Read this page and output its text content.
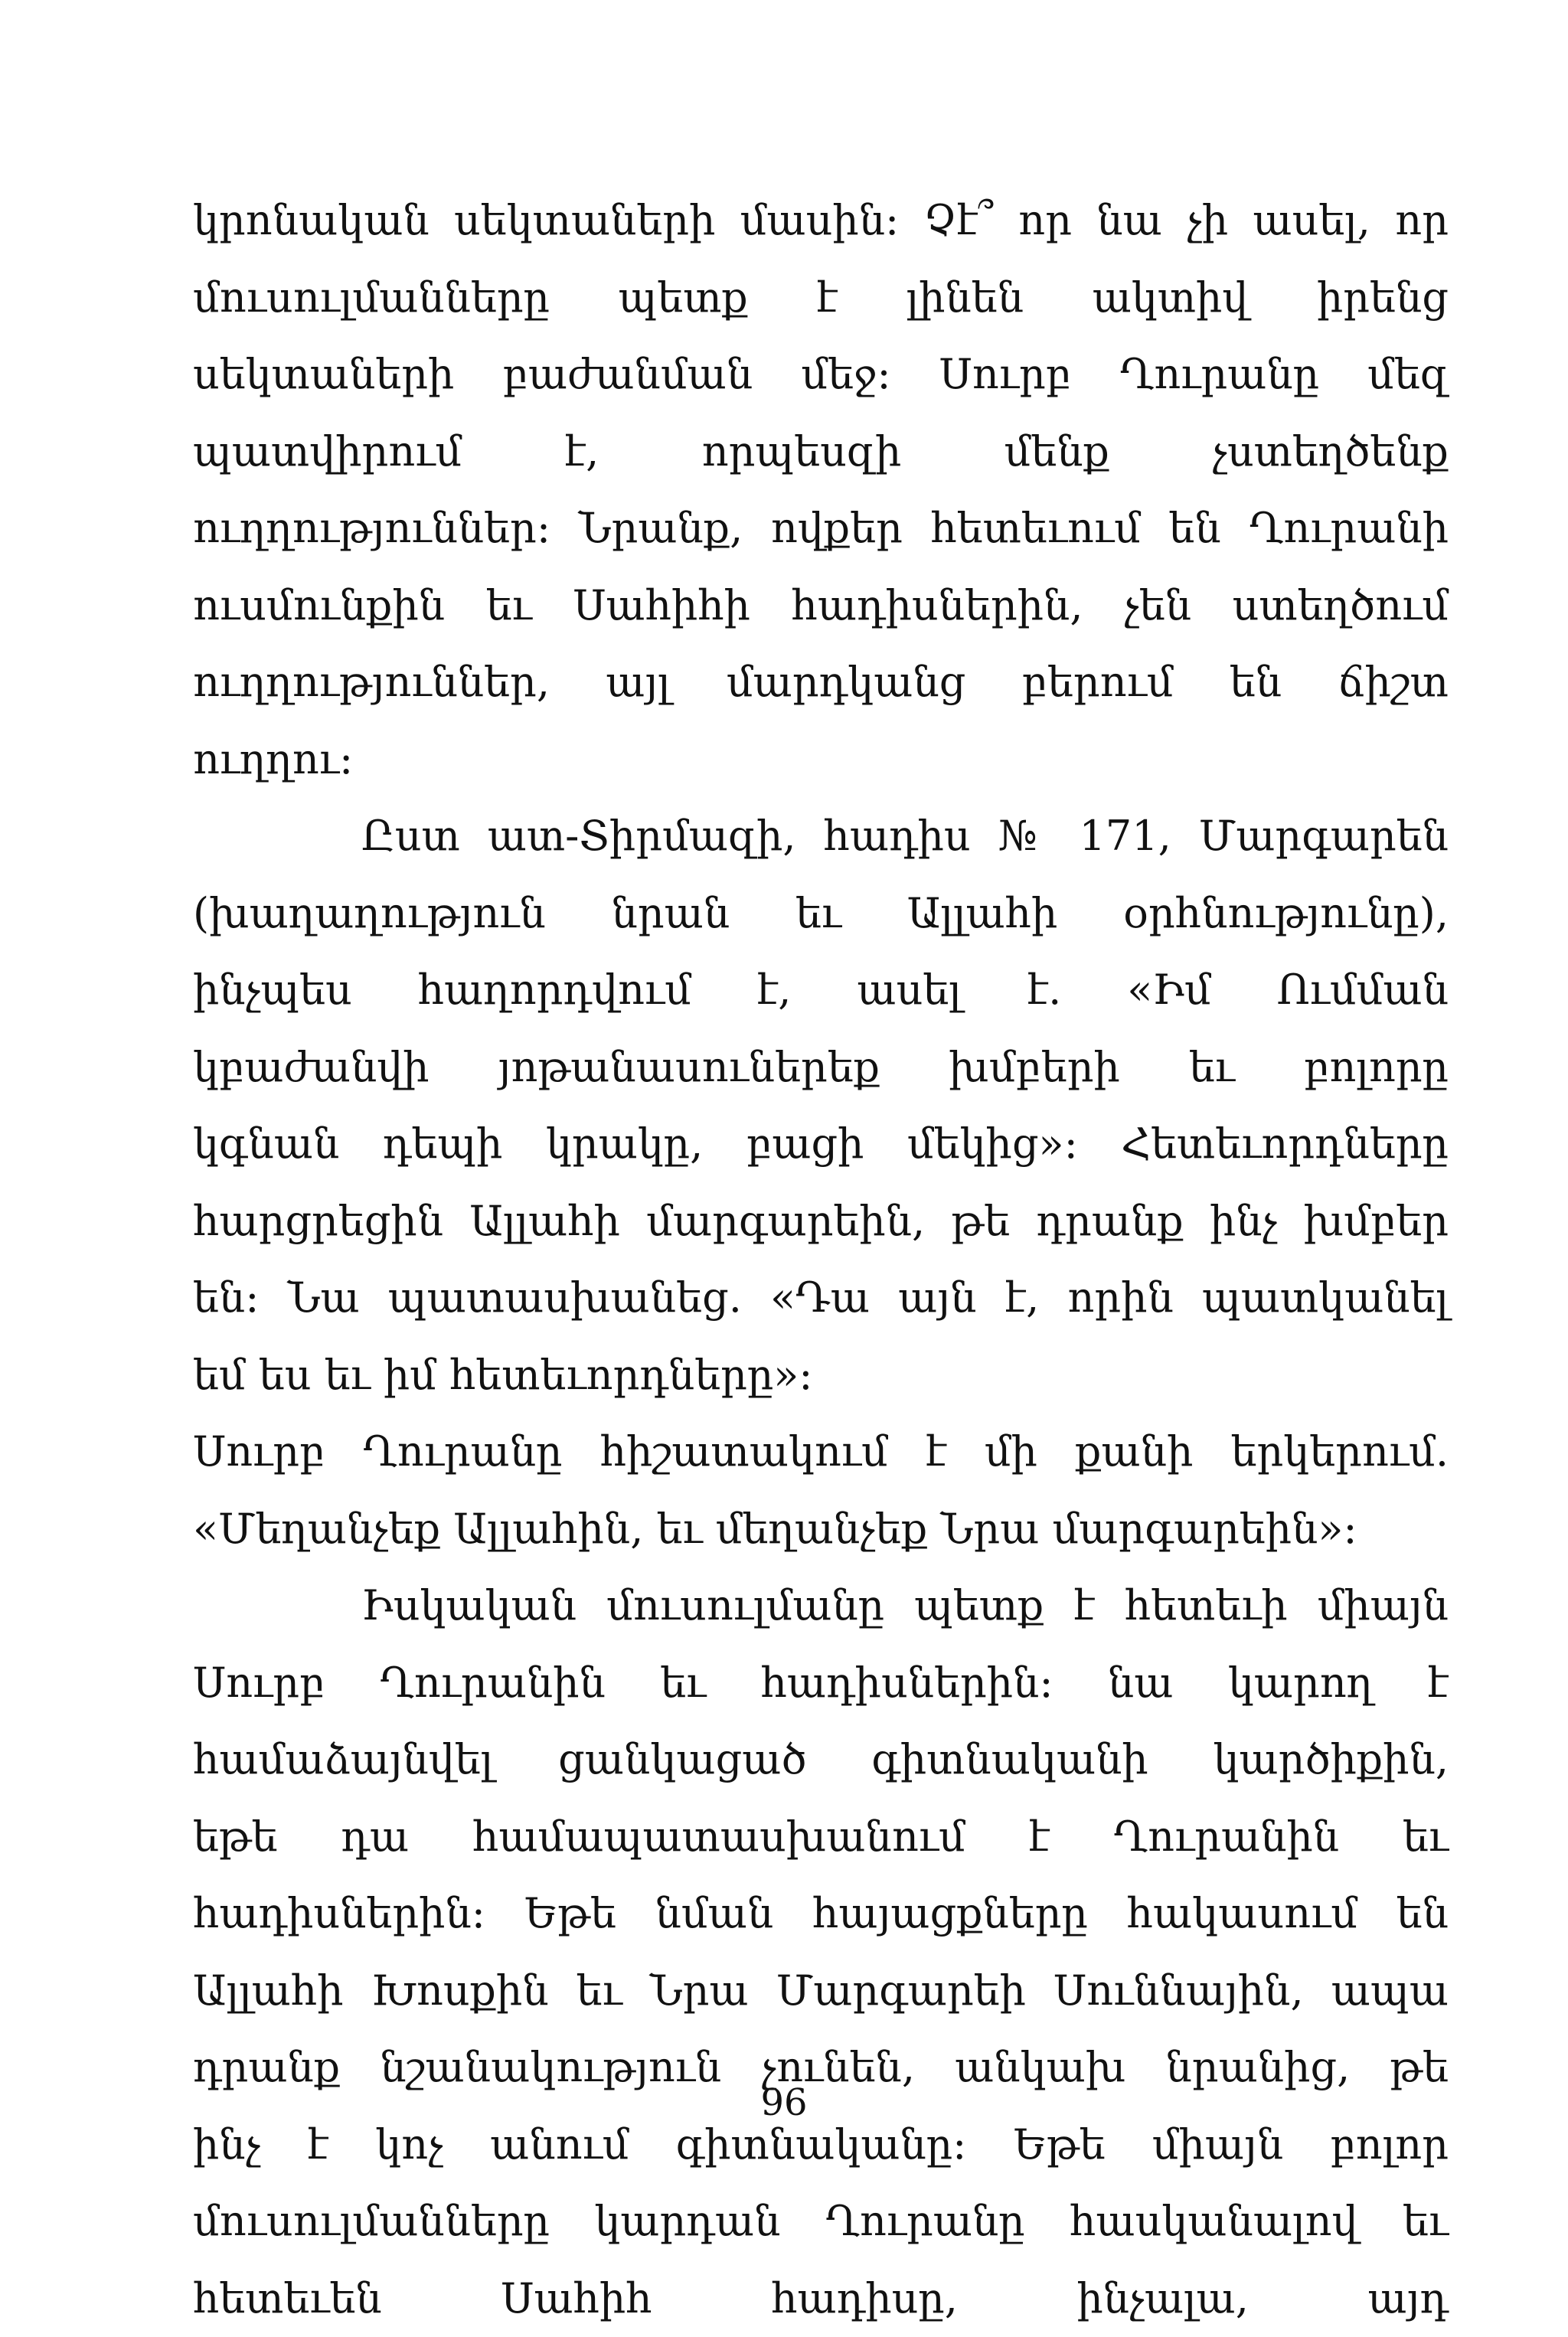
կրոնական սեկտաների մասին: Չէ՞ որ նա չի ասել, որ
մուսուլմանները պետք է լինեն ակտիվ իրենց
սեկտաների բաժանման մեջ: Սուրբ Ղուրանը մեզ
պատվիրում է, որպեսզի մենք չստեղծենք
ուղղություններ: Նրանք, ովքեր հետեւում են Ղուրանի
ուսմունքին եւ Սահիհի հադիսներին, չեն ստեղծում
ուղղություններ, այլ մարդկանց բերում են ճիշտ
ուղղու:
Ըստ ատ-Տիրմազի, հադիս № 171, Մարգարեն
(խաղաղություն նրան եւ Ալլահի օրհնությունը),
ինչպես հաղորդվում է, ասել է. «Իմ Ումման
կբաժանվի յոթանասուներեք խմբերի եւ բոլորը
կգնան դեպի կրակը, բացի մեկից»: Հետեւորդները
հարցրեցին Ալլահի մարգարեին, թե դրանք ինչ խմբեր
են: Նա պատասխանեց. «Դա այն է, որին պատկանել
եմ ես եւ իմ հետեւորդները»:
Սուրբ Ղուրանը հիշատակում է մի քանի երկերում.
«Մեղանչեք Ալլահին, եւ մեղանչեք Նրա մարգարեին»:
Իսկական մուսուլմանը պետք է հետեւի միայն
Սուրբ Ղուրանին եւ հադիսներին: նա կարող է
համաձայնվել ցանկացած գիտնականի կարծիքին,
եթե դա համապատասխանում է Ղուրանին եւ
հադիսներին: Եթե նման հայացքները հակասում են
Ալլահի Խոսքին եւ Նրա Մարգարեի Սուննային, ապա
դրանք նշանակություն չունեն, անկախ նրանից, թե
ինչ է կոչ անում գիտնականը: Եթե միայն բոլոր
մուսուլմանները կարդան Ղուրանը հասկանալով եւ
հետեւեն Սահիհ հադիսը, ինչալա, այդ
96
